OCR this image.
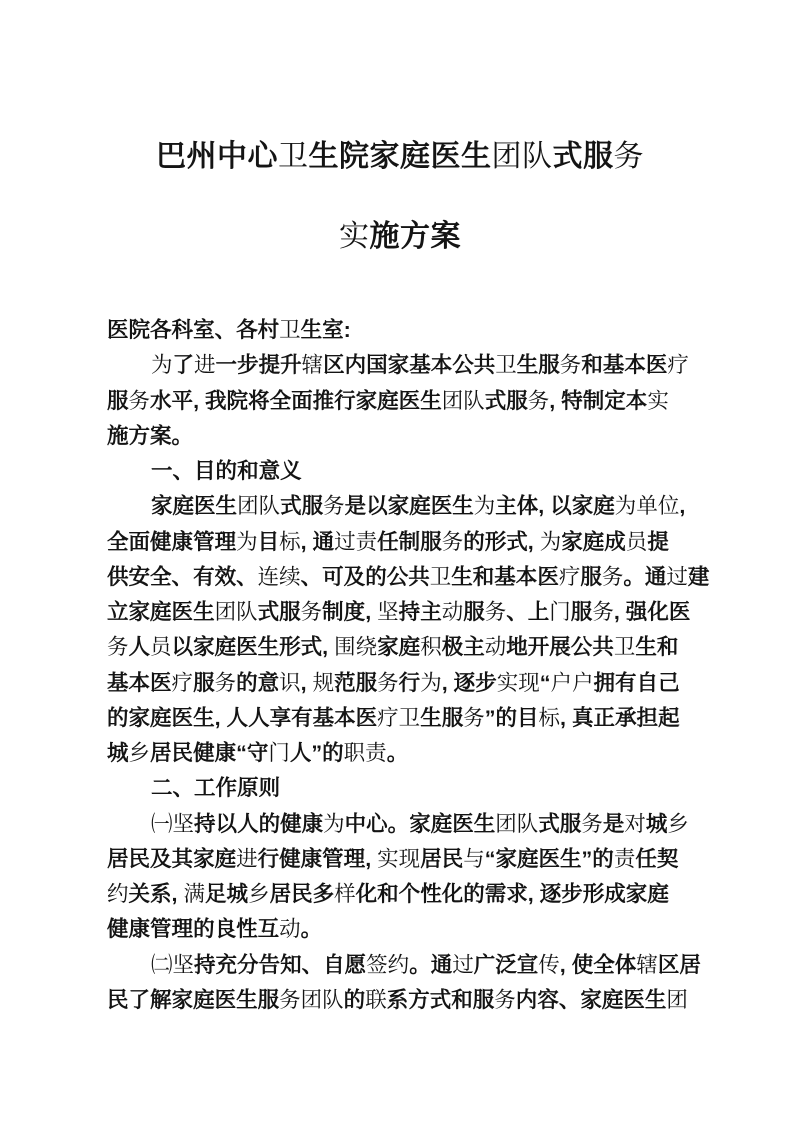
巴州中心卫生院家庭医生团队式服务
实施方案
医院各科室、各村卫生室:
为了进一步提升辖区内国家基本公共卫生服务和基本医疗
服务水平, 我院将全面推行家庭医生团队式服务, 特制定本实
施方案。
一、目的和意义
家庭医生团队式服务是以家庭医生为主体, 以家庭为单位,
全面健康管理为目标, 通过责任制服务的形式, 为家庭成员提
供安全、有效、连续、可及的公共卫生和基本医疗服务。通过建
立家庭医生团队式服务制度, 坚持主动服务、上门服务, 强化医
务人员以家庭医生形式, 围绕家庭积极主动地开展公共卫生和
基本医疗服务的意识, 规范服务行为, 逐步实现“户户拥有自己
的家庭医生, 人人享有基本医疗卫生服务”的目标, 真正承担起
城乡居民健康“守门人”的职责。
二、工作原则
㈠坚持以人的健康为中心。家庭医生团队式服务是对城乡
居民及其家庭进行健康管理, 实现居民与“家庭医生”的责任契
约关系, 满足城乡居民多样化和个性化的需求, 逐步形成家庭
健康管理的良性互动。
㈡坚持充分告知、自愿签约。通过广泛宣传, 使全体辖区居
民了解家庭医生服务团队的联系方式和服务内容、家庭医生团
